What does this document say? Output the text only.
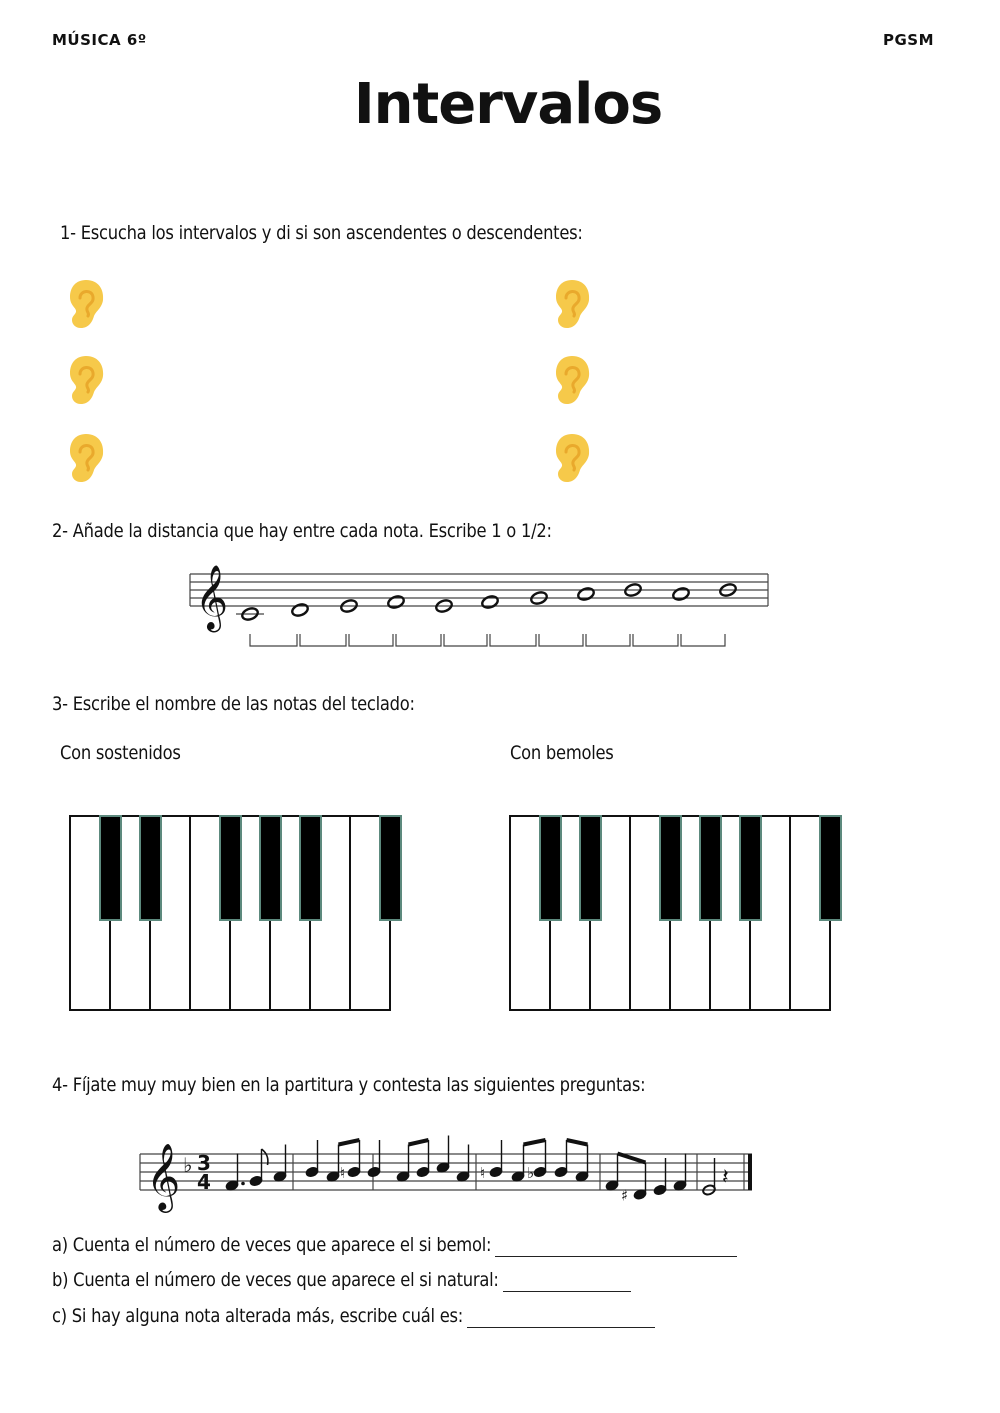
MÚSICA 6º	PGSM
Intervalos
1- Escucha los intervalos y di si son ascendentes o descendentes:
2- Añade la distancia que hay entre cada nota. Escribe 1 o 1/2:
𝄞
3- Escribe el nombre de las notas del teclado:
Con sostenidos	Con bemoles
4- Fíjate muy muy bien en la partitura y contesta las siguientes preguntas:
𝄞 ♭ 3
4	♮	♮	♭
♯
𝄽
a) Cuenta el número de veces que aparece el si bemol:
b) Cuenta el número de veces que aparece el si natural:
c) Si hay alguna nota alterada más, escribe cuál es:
